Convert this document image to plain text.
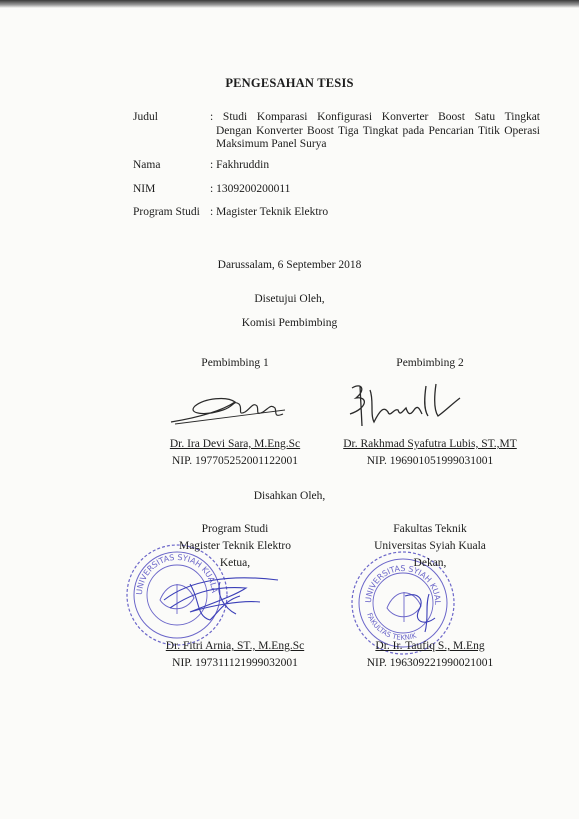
PENGESAHAN TESIS
Judul	: Studi Komparasi Konfigurasi Konverter Boost Satu Tingkat
Dengan Konverter Boost Tiga Tingkat pada Pencarian Titik Operasi
Maksimum Panel Surya
Nama	: Fakhruddin
NIM	: 1309200200011
Program Studi : Magister Teknik Elektro
Darussalam, 6 September 2018
Disetujui Oleh,
Komisi Pembimbing
Pembimbing 1	Pembimbing 2
Dr. Ira Devi Sara, M.Eng.Sc
NIP. 197705252001122001
Dr. Rakhmad Syafutra Lubis, ST.,MT
NIP. 196901051999031001
Disahkan Oleh,
UNIVERSITAS SYIAH KUALA
UNIVERSITAS SYIAH KUALA
FAKULTAS TEKNIK
Program Studi
Magister Teknik Elektro
Ketua,
Fakultas Teknik
Universitas Syiah Kuala
Dekan,
Dr. Fitri Arnia, ST., M.Eng.Sc
NIP. 197311121999032001
Dr. Ir. Taufiq S., M.Eng
NIP. 196309221990021001
